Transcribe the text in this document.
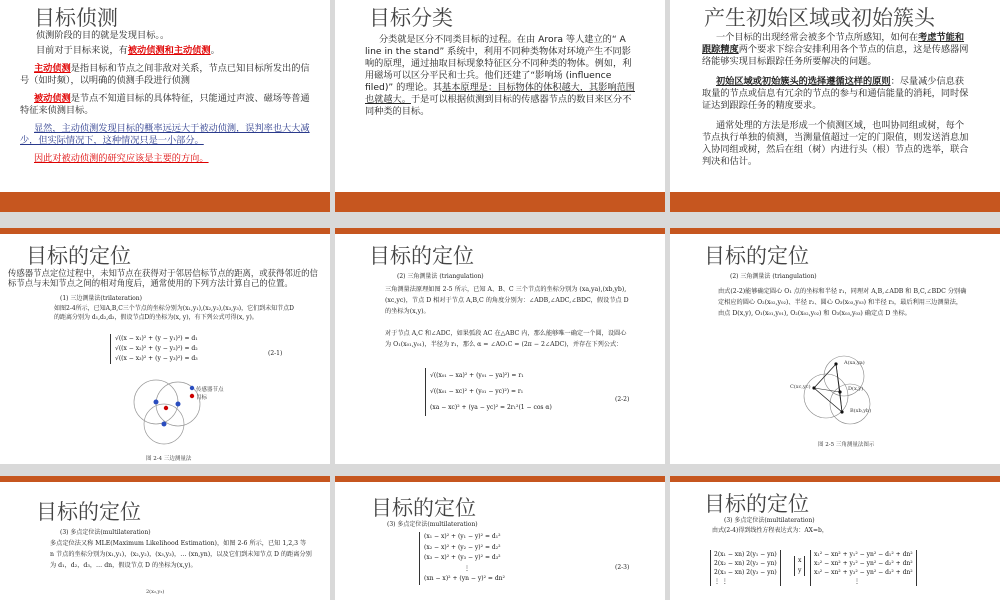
目标侦测

侦测阶段的目的就是发现目标。。

目前对于目标来说，有被动侦测和主动侦测。

主动侦测是指目标和节点之间非敌对关系，节点已知目标所发出的信号（如时频），以明确的侦测手段进行侦测

被动侦测是节点不知道目标的具体特征，只能通过声波、磁场等普通特征来侦测目标。

显然，主动侦测发现目标的概率远远大于被动侦测，误判率也大大减少，但实际情况下，这种情况只是一小部分。

因此对被动侦测的研究应该是主要的方向。

目标分类

分类就是区分不同类目标的过程。在由 Arora 等人建立的“ A line in the stand” 系统中，利用不同种类物体对环境产生不同影响的原理，通过抽取目标现象特征区分不同种类的物体。例如，利用磁场可以区分平民和士兵。他们还建了“影响场 (influence filed)” 的理论。其基本原理是：目标物体的体积越大，其影响范围也就越大。于是可以根据侦测到目标的传感器节点的数目来区分不同种类的目标。

产生初始区域或初始簇头

一个目标的出现经常会被多个节点所感知，如何在考虑节能和跟踪精度两个要求下综合安排利用各个节点的信息，这是传感器网络能够实现目标跟踪任务所要解决的问题。

初始区域或初始簇头的选择遵循这样的原则：尽量减少信息获取量的节点或信息有冗余的节点的参与和通信能量的消耗，同时保证达到跟踪任务的精度要求。

通常处理的方法是形成一个侦测区域，也叫协同组或树，每个节点执行单独的侦测，当测量值超过一定的门限值，则发送消息加入协同组或树，然后在组（树）内进行头（根）节点的选举，联合判决和估计。

目标的定位
传感器节点定位过程中，未知节点在获得对于邻居信标节点的距离，或获得邻近的信标节点与未知节点之间的相对角度后，通常使用的下列方法计算自己的位置。
(1) 三边测量法(trilateration)
如图2-4所示，已知A,B,C三个节点的坐标分别为(x₁,y₁),(x₂,y₂),(x₃,y₃)，它们到未知节点D的距离分别为 d₁,d₂,d₃，假设节点D的坐标为(x, y)，有下列公式可得(x, y)。
√((x − x₁)² + (y − y₁)²) = d₁
√((x − x₂)² + (y − y₂)²) = d₂
√((x − x₃)² + (y − y₃)²) = d₃
(2-1)
传感器节点
目标
图 2-4 三边测量法
目标的定位
(2) 三角测量法 (triangulation)
三角测量法原理如图 2-5 所示，已知 A、B、C 三个节点的坐标分别为 (xa,ya),(xb,yb),(xc,yc)，节点 D 相对于节点 A,B,C 的角度分别为：∠ADB,∠ADC,∠BDC，假设节点 D 的坐标为(x,y)。
对于节点 A,C 和∠ADC，如果弧段 AC 在△ABC 内，那么能够唯一确定一个圆，设圆心为 O₁(x₀₁,y₀₁)，半径为 r₁，那么 α = ∠AO₁C = (2π − 2∠ADC)，并存在下列公式：
√((x₀₁ − xa)² + (y₀₁ − ya)²) = r₁
√((x₀₁ − xc)² + (y₀₁ − yc)²) = r₁
(xa − xc)² + (ya − yc)² = 2r₁²(1 − cos α)
(2-2)
目标的定位
(2) 三角测量法 (triangulation)
由式(2-2)能够确定圆心 O₁ 点的坐标和半径 r₁，同理对 A,B,∠ADB 和 B,C,∠BDC 分别确定相应的圆心 O₂(x₀₂,y₀₂)、半径 r₂、圆心 O₃(x₀₃,y₀₃) 和半径 r₃，最后利用三边测量法，由点 D(x,y), O₁(x₀₁,y₀₁), O₂(x₀₂,y₀₂) 和 O₃(x₀₃,y₀₃) 确定点 D 坐标。
A(xa,ya)
C(xc,yc)	D(x,y)
B(xb,yb)
图 2-5 三角测量法图示
目标的定位
(3) 多点定位法(multilateration)
多点定位法又称 MLE(Maximum Likelihood Estimation)，如图 2-6 所示，已知 1,2,3 等 n 节点的坐标分别为(x₁,y₁)，(x₂,y₂)，(x₃,y₃)，… (xn,yn)，以及它们到未知节点 D 的距离分别为 d₁，d₂，d₃，… dn，假设节点 D 的坐标为(x,y)。
2(x₂,y₂)
目标的定位
(3) 多点定位法(multilateration)
(x₁ − x)² + (y₁ − y)² = d₁²
(x₂ − x)² + (y₂ − y)² = d₂²
(x₃ − x)² + (y₃ − y)² = d₃²
⋮
(xn − x)² + (yn − y)² = dn²
(2-3)
目标的定位
(3) 多点定位法(multilateration)
由式(2-4)得到线性方程表达式为：AX=b，
2(x₁ − xn) 2(y₁ − yn)
2(x₂ − xn) 2(y₂ − yn)
2(x₃ − xn) 2(y₃ − yn)
⋮ ⋮
x
y
x₁² − xn² + y₁² − yn² − d₁² + dn²
x₂² − xn² + y₂² − yn² − d₂² + dn²
x₃² − xn² + y₃² − yn² − d₃² + dn²
⋮
